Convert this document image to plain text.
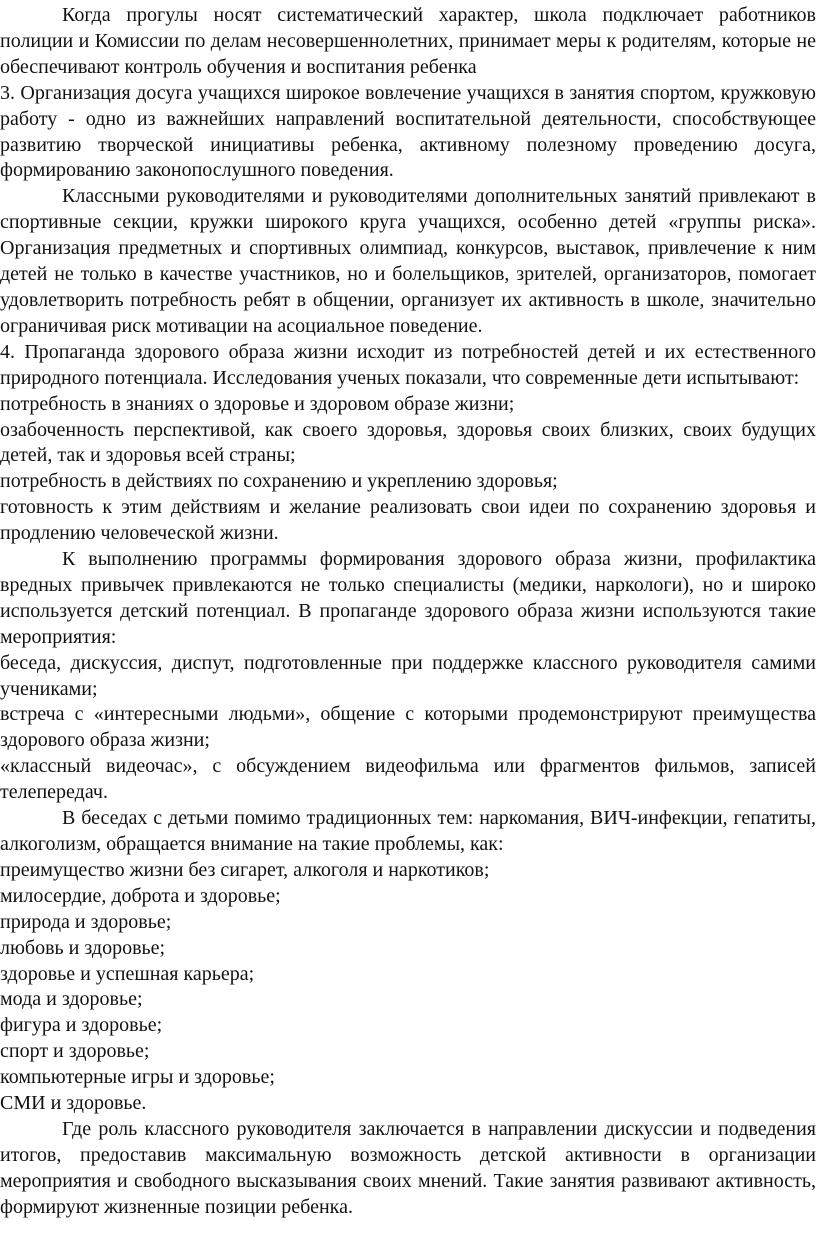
Когда прогулы носят систематический характер, школа подключает работников полиции и Комиссии по делам несовершеннолетних, принимает меры к родителям, которые не обеспечивают контроль обучения и воспитания ребенка

3. Организация досуга учащихся широкое вовлечение учащихся в занятия спортом, кружковую работу - одно из важнейших направлений воспитательной деятельности, способствующее развитию творческой инициативы ребенка, активному полезному проведению досуга, формированию законопослушного поведения.

Классными руководителями и руководителями дополнительных занятий привлекают в спортивные секции, кружки широкого круга учащихся, особенно детей «группы риска». Организация предметных и спортивных олимпиад, конкурсов, выставок, привлечение к ним детей не только в качестве участников, но и болельщиков, зрителей, организаторов, помогает удовлетворить потребность ребят в общении, организует их активность в школе, значительно ограничивая риск мотивации на асоциальное поведение.

4. Пропаганда здорового образа жизни исходит из потребностей детей и их естественного природного потенциала. Исследования ученых показали, что современные дети испытывают:

потребность в знаниях о здоровье и здоровом образе жизни;

озабоченность перспективой, как своего здоровья, здоровья своих близких, своих будущих детей, так и здоровья всей страны;

потребность в действиях по сохранению и укреплению здоровья;

готовность к этим действиям и желание реализовать свои идеи по сохранению здоровья и продлению человеческой жизни.

К выполнению программы формирования здорового образа жизни, профилактика вредных привычек привлекаются не только специалисты (медики, наркологи), но и широко используется детский потенциал. В пропаганде здорового образа жизни используются такие мероприятия:

беседа, дискуссия, диспут, подготовленные при поддержке классного руководителя самими учениками;

встреча с «интересными людьми», общение с которыми продемонстрируют преимущества здорового образа жизни;

«классный видеочас», с обсуждением видеофильма или фрагментов фильмов, записей телепередач.

В беседах с детьми помимо традиционных тем: наркомания, ВИЧ-инфекции, гепатиты, алкоголизм, обращается внимание на такие проблемы, как:

преимущество жизни без сигарет, алкоголя и наркотиков;

милосердие, доброта и здоровье;

природа и здоровье;

любовь и здоровье;

здоровье и успешная карьера;

мода и здоровье;

фигура и здоровье;

спорт и здоровье;

компьютерные игры и здоровье;

СМИ и здоровье.

Где роль классного руководителя заключается в направлении дискуссии и подведения итогов, предоставив максимальную возможность детской активности в организации мероприятия и свободного высказывания своих мнений. Такие занятия развивают активность, формируют жизненные позиции ребенка.
